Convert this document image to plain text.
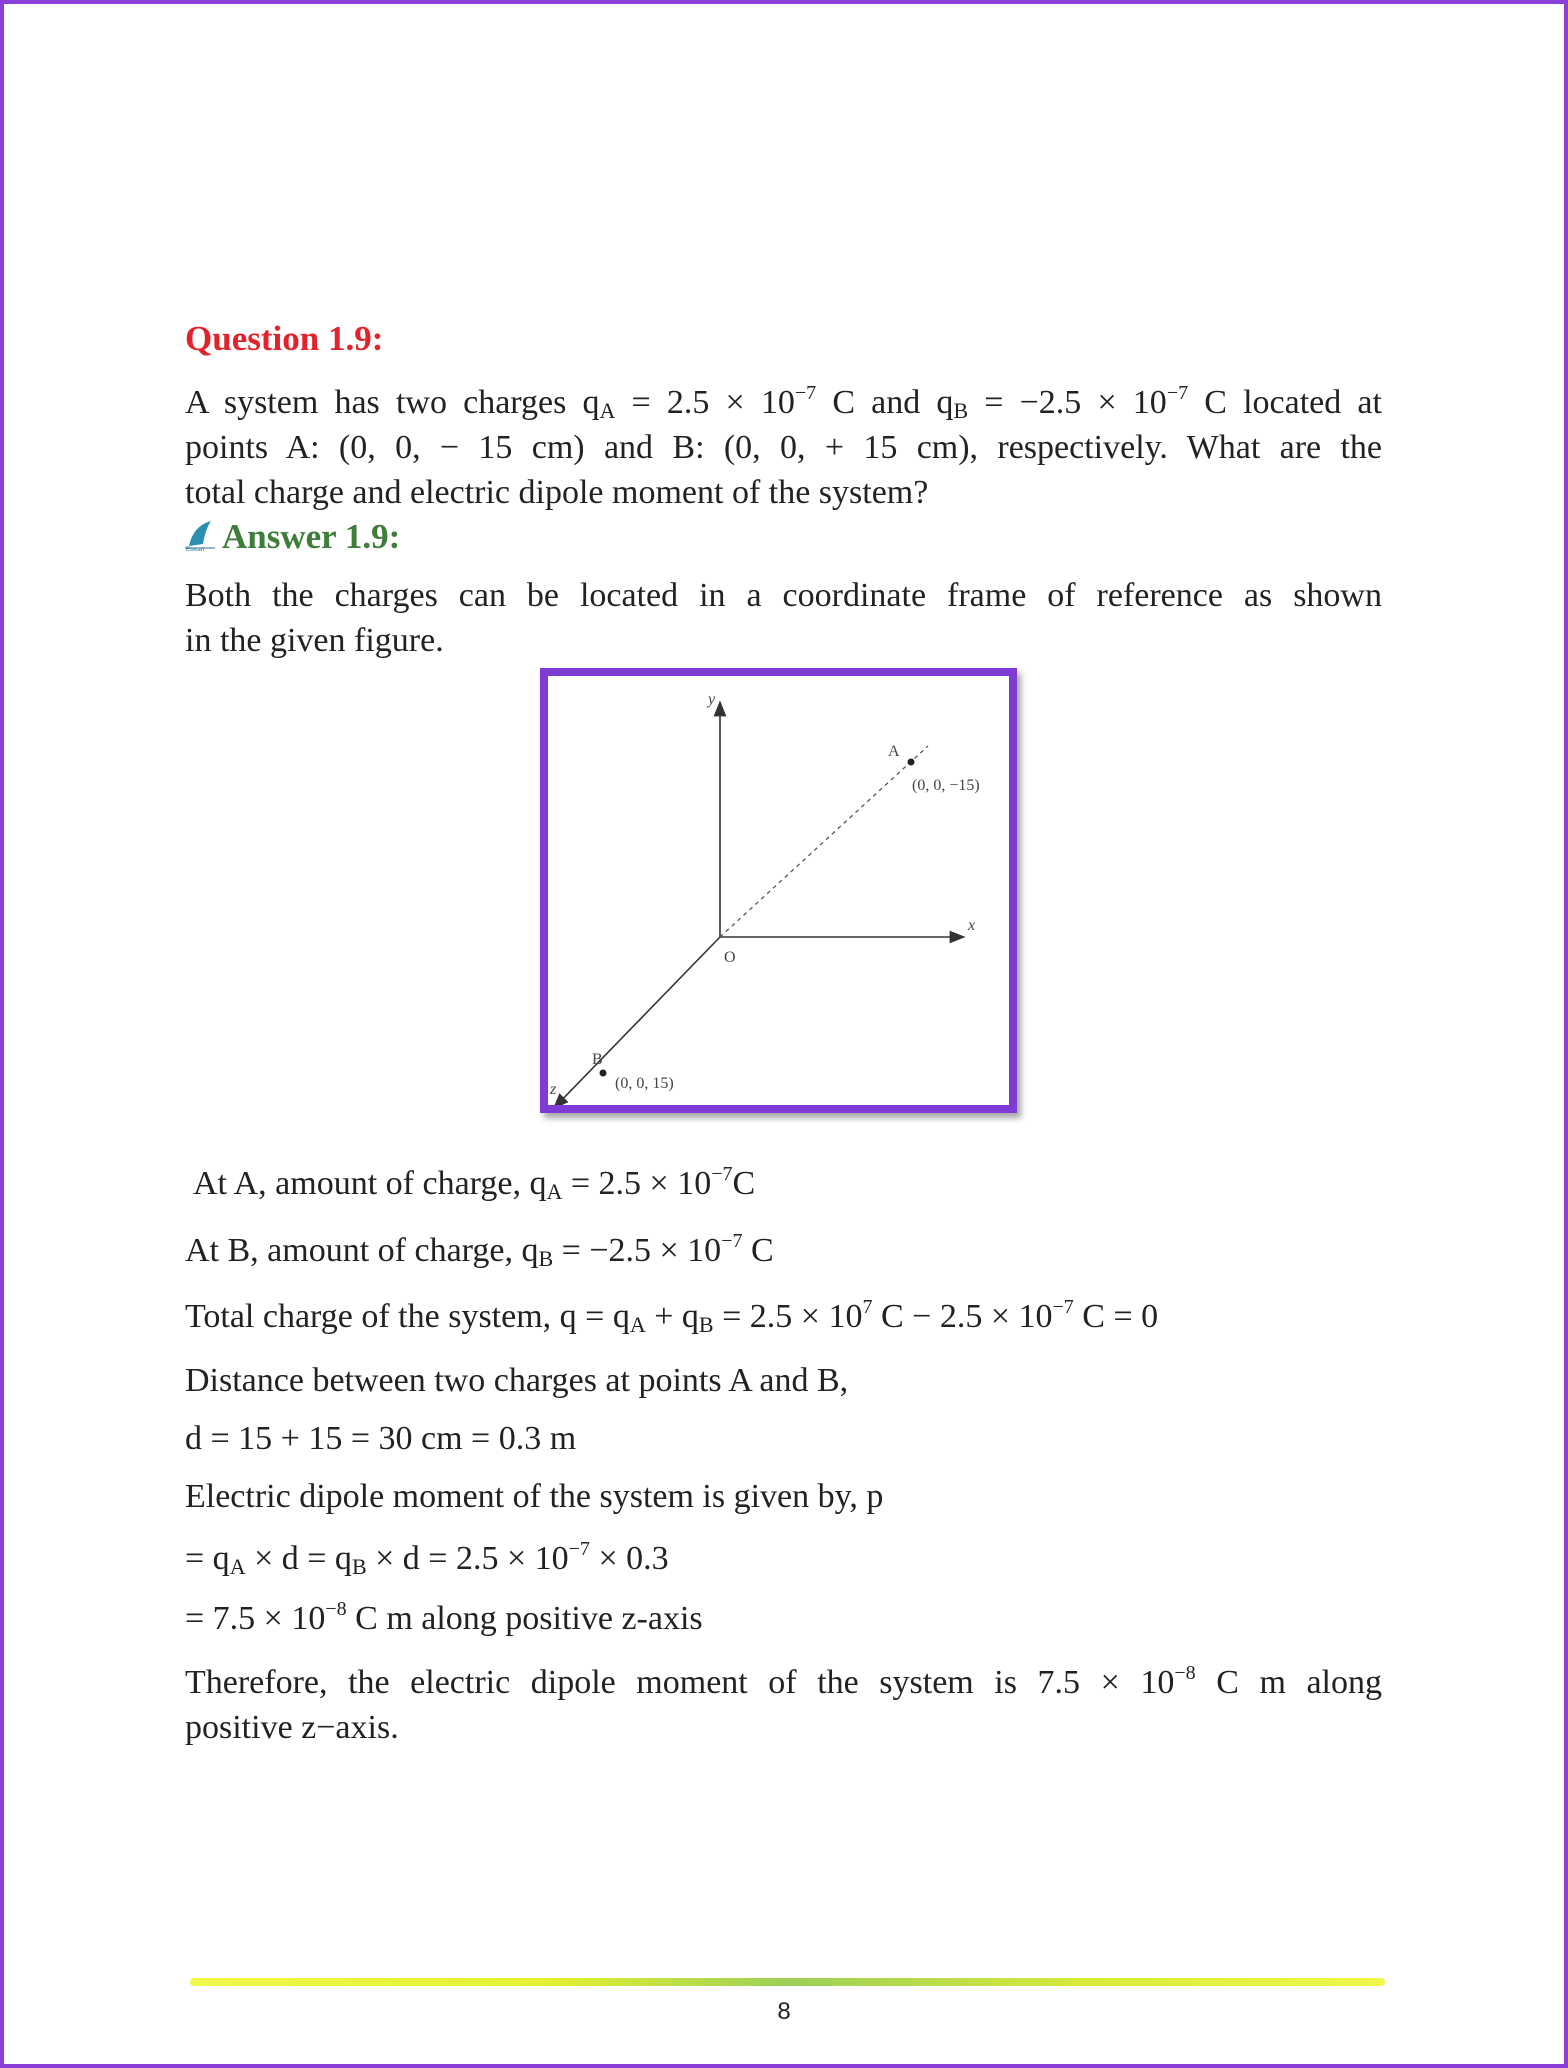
Question 1.9:
A system has two charges $q_A = 2.5 \times 10^{-7}$ C and $q_B = -2.5 \times 10^{-7}$ C located at
points A: (0, 0, − 15 cm) and B: (0, 0, + 15 cm), respectively. What are the
total charge and electric dipole moment of the system?
Eswari Answer 1.9:
Both the charges can be located in a coordinate frame of reference as shown
in the given figure.
y
x
z
O
A
(0, 0, −15)
B
(0, 0, 15)
At A, amount of charge, $q_A = 2.5 \times 10^{-7}C$
At B, amount of charge, $q_B = -2.5 \times 10^{-7}$ C
Total charge of the system, $q = q_A + q_B = 2.5 \times 10^7$ $C - 2.5 \times 10^{-7}$ C = 0
Distance between two charges at points A and B,
d = 15 + 15 = 30 cm = 0.3 m
Electric dipole moment of the system is given by, p
= $q_A \times d = q_B \times d = 2.5 \times 10^{-7} \times 0.3$
= $7.5 \times 10^{-8}$ C m along positive z-axis
Therefore, the electric dipole moment of the system is $7.5 \times 10^{-8}$ C m along
positive z−axis.
8
